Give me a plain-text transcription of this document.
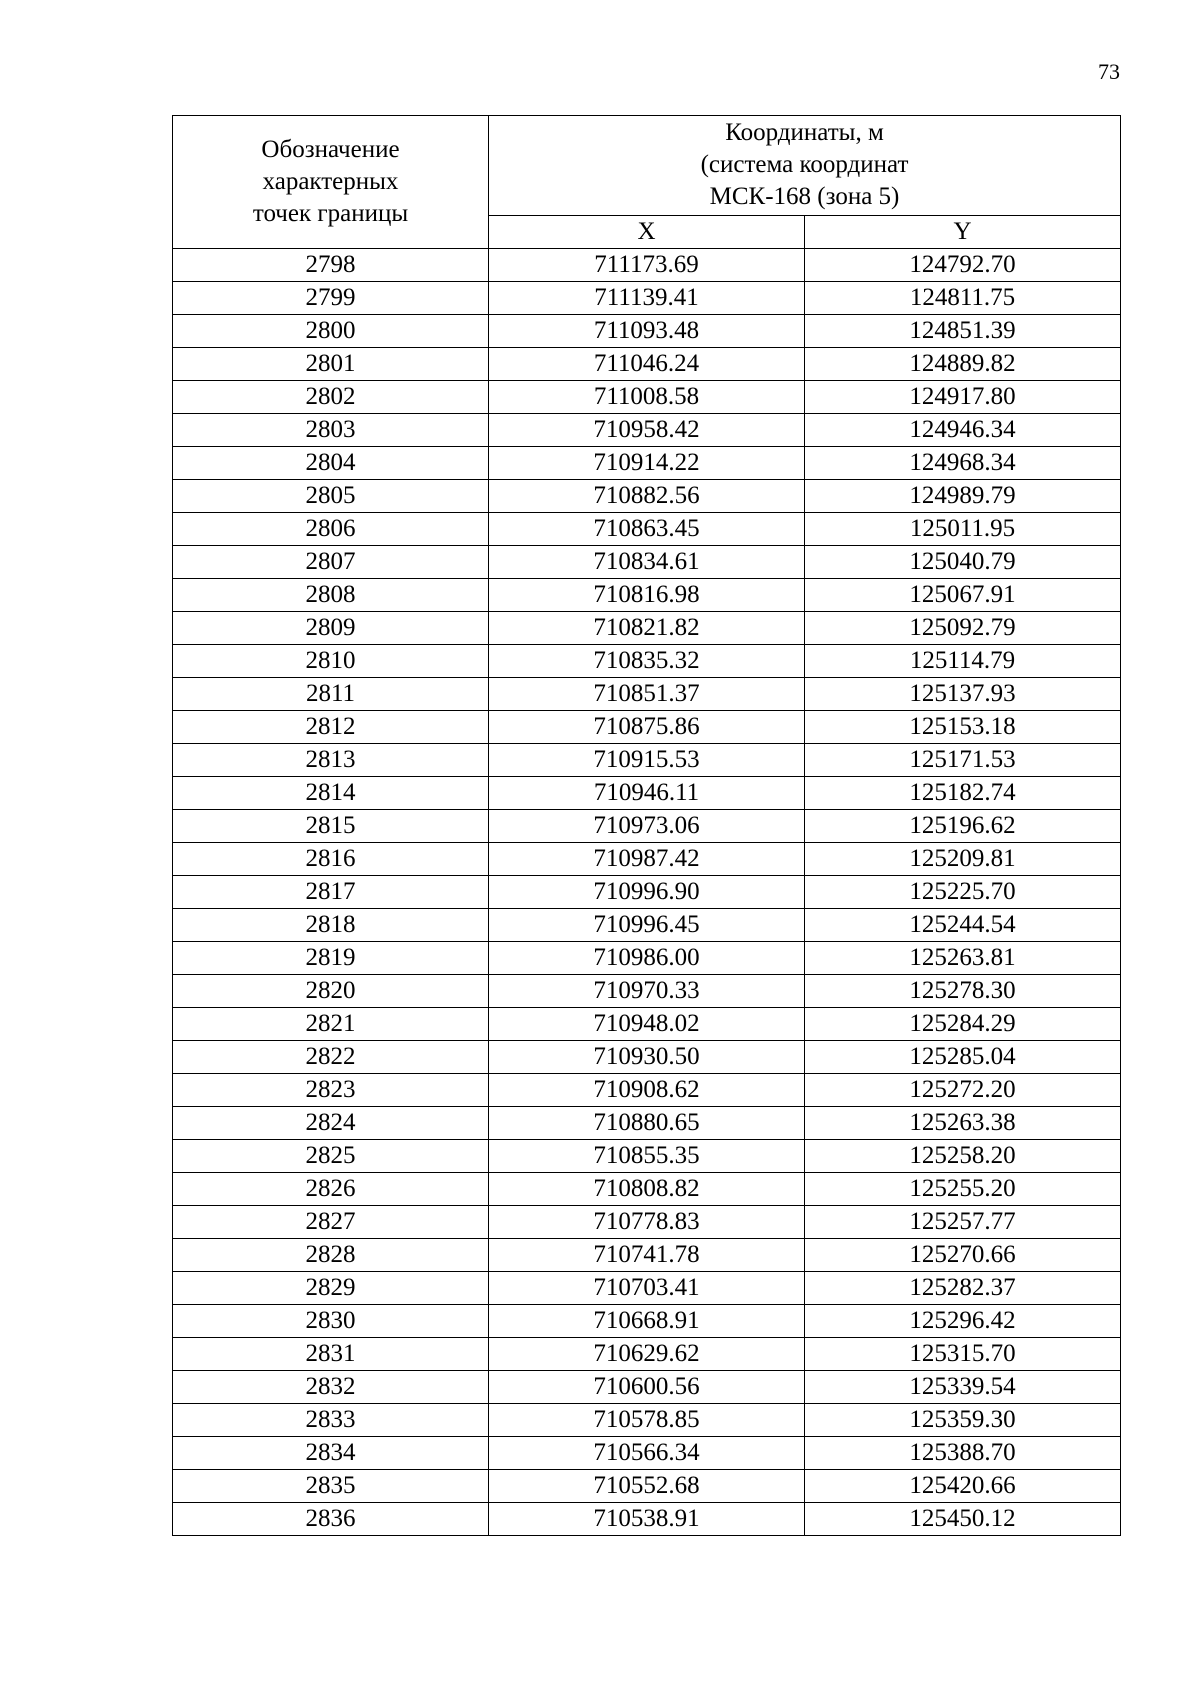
73
Обозначение
характерных
точек границы	Координаты, м
(система координат
МСК-168 (зона 5)	

	X	Y
2798	711173.69	124792.70
2799	711139.41	124811.75
2800	711093.48	124851.39
2801	711046.24	124889.82
2802	711008.58	124917.80
2803	710958.42	124946.34
2804	710914.22	124968.34
2805	710882.56	124989.79
2806	710863.45	125011.95
2807	710834.61	125040.79
2808	710816.98	125067.91
2809	710821.82	125092.79
2810	710835.32	125114.79
2811	710851.37	125137.93
2812	710875.86	125153.18
2813	710915.53	125171.53
2814	710946.11	125182.74
2815	710973.06	125196.62
2816	710987.42	125209.81
2817	710996.90	125225.70
2818	710996.45	125244.54
2819	710986.00	125263.81
2820	710970.33	125278.30
2821	710948.02	125284.29
2822	710930.50	125285.04
2823	710908.62	125272.20
2824	710880.65	125263.38
2825	710855.35	125258.20
2826	710808.82	125255.20
2827	710778.83	125257.77
2828	710741.78	125270.66
2829	710703.41	125282.37
2830	710668.91	125296.42
2831	710629.62	125315.70
2832	710600.56	125339.54
2833	710578.85	125359.30
2834	710566.34	125388.70
2835	710552.68	125420.66
2836	710538.91	125450.12
